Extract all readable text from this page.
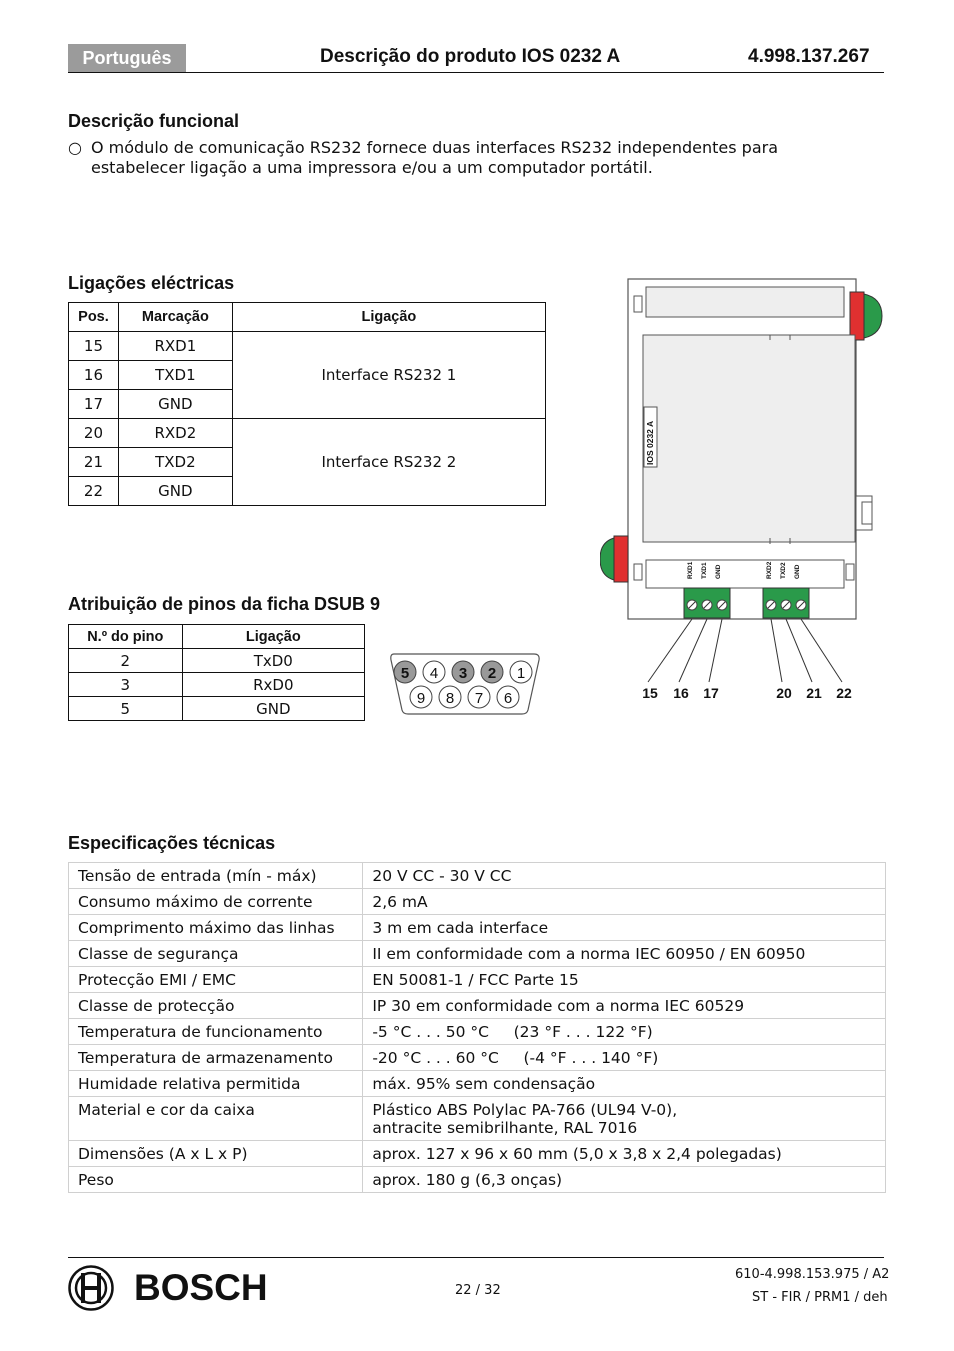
Português	Descrição do produto IOS 0232 A	4.998.137.267
Descrição funcional
○ O módulo de comunicação RS232 fornece duas interfaces RS232 independentes para
estabelecer ligação a uma impressora e/ou a um computador portátil.
Ligações eléctricas
Pos.	Marcação	Ligação
15	RXD1	Interface RS232 1
16	TXD1	
17	GND	
20	RXD2	Interface RS232 2
21	TXD2	
22	GND	
Atribuição de pinos da ficha DSUB 9
N.º do pino	Ligação
2	TxD0
3	RxD0
5	GND
5 4 3 2 1
9 8 7 6
IOS 0232 A
RXD1 TXD1 GND	RXD2 TXD2 GND
15 16 17	20 21 22
Especificações técnicas
Tensão de entrada (mín - máx)	20 V CC - 30 V CC

Consumo máximo de corrente	2,6 mA

Comprimento máximo das linhas	3 m em cada interface

Classe de segurança	II em conformidade com a norma IEC 60950 / EN 60950

Protecção EMI / EMC	EN 50081-1 / FCC Parte 15

Classe de protecção	IP 30 em conformidade com a norma IEC 60529

Temperatura de funcionamento	-5 °C . . . 50 °C     (23 °F . . . 122 °F)

Temperatura de armazenamento	-20 °C . . . 60 °C     (-4 °F . . . 140 °F)

Humidade relativa permitida	máx. 95% sem condensação

Material e cor da caixa	Plástico ABS Polylac PA-766 (UL94 V-0),
antracite semibrilhante, RAL 7016

Dimensões (A x L x P)	aprox. 127 x 96 x 60 mm (5,0 x 3,8 x 2,4 polegadas)

Peso	aprox. 180 g (6,3 onças)
BOSCH	22 / 32
610-4.998.153.975 / A2
ST - FIR / PRM1 / deh
